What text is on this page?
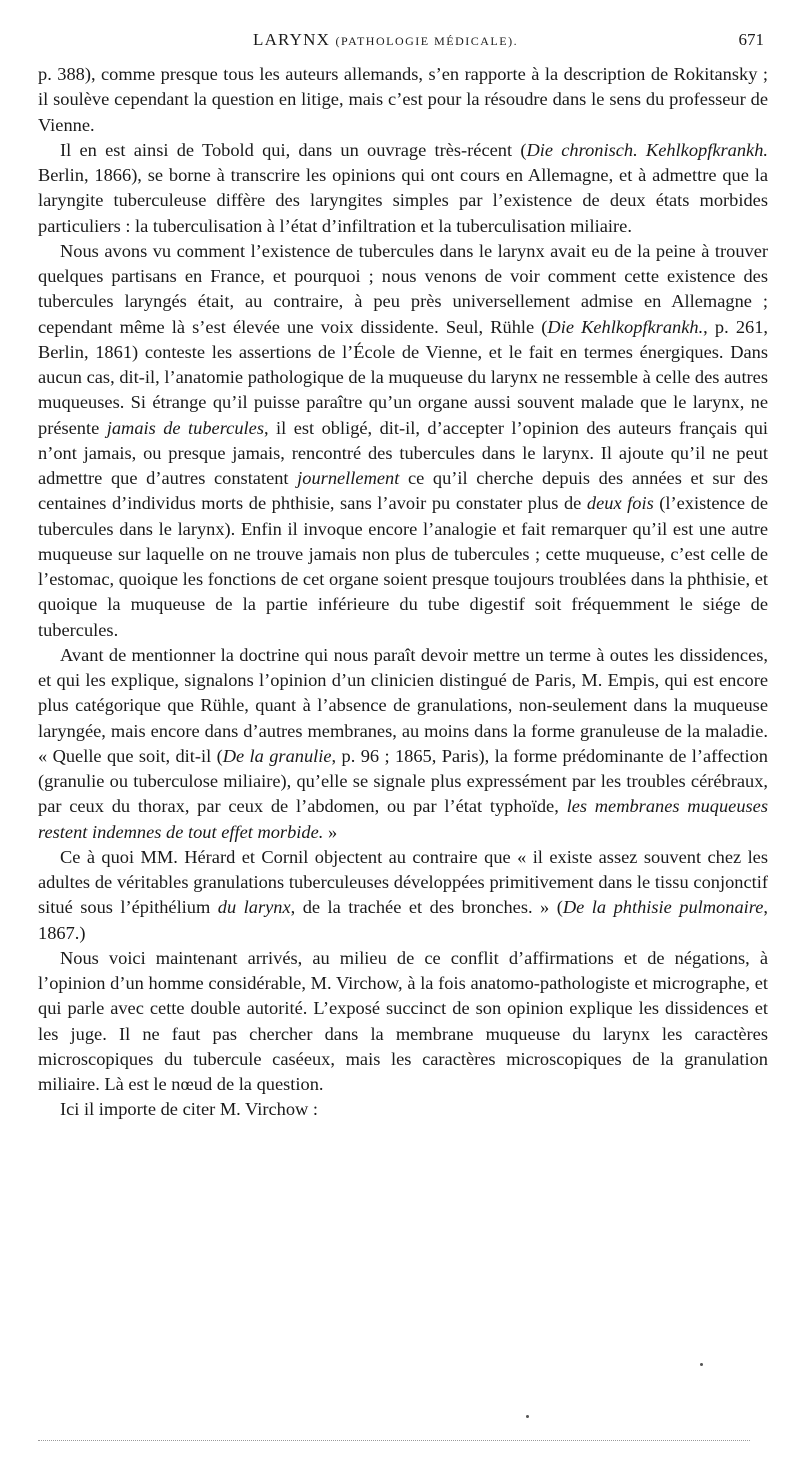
LARYNX (PATHOLOGIE MÉDICALE).	671

p. 388), comme presque tous les auteurs allemands, s’en rapporte à la description de Rokitansky ; il soulève cependant la question en litige, mais c’est pour la résoudre dans le sens du professeur de Vienne.

Il en est ainsi de Tobold qui, dans un ouvrage très-récent (Die chronisch. Kehlkopfkrankh. Berlin, 1866), se borne à transcrire les opinions qui ont cours en Allemagne, et à admettre que la laryngite tuberculeuse diffère des laryngites simples par l’existence de deux états morbides particuliers : la tuberculisation à l’état d’infiltration et la tuberculisation miliaire.

Nous avons vu comment l’existence de tubercules dans le larynx avait eu de la peine à trouver quelques partisans en France, et pourquoi ; nous venons de voir comment cette existence des tubercules laryngés était, au contraire, à peu près universellement admise en Allemagne ; cependant même là s’est élevée une voix dissidente. Seul, Rühle (Die Kehlkopfkrankh., p. 261, Berlin, 1861) conteste les assertions de l’École de Vienne, et le fait en termes énergiques. Dans aucun cas, dit-il, l’anatomie pathologique de la muqueuse du larynx ne ressemble à celle des autres muqueuses. Si étrange qu’il puisse paraître qu’un organe aussi souvent malade que le larynx, ne présente jamais de tubercules, il est obligé, dit-il, d’accepter l’opinion des auteurs français qui n’ont jamais, ou presque jamais, rencontré des tubercules dans le larynx. Il ajoute qu’il ne peut admettre que d’autres constatent journellement ce qu’il cherche depuis des années et sur des centaines d’individus morts de phthisie, sans l’avoir pu constater plus de deux fois (l’existence de tubercules dans le larynx). Enfin il invoque encore l’analogie et fait remarquer qu’il est une autre muqueuse sur laquelle on ne trouve jamais non plus de tubercules ; cette muqueuse, c’est celle de l’estomac, quoique les fonctions de cet organe soient presque toujours troublées dans la phthisie, et quoique la muqueuse de la partie inférieure du tube digestif soit fréquemment le siége de tubercules.

Avant de mentionner la doctrine qui nous paraît devoir mettre un terme à outes les dissidences, et qui les explique, signalons l’opinion d’un clinicien distingué de Paris, M. Empis, qui est encore plus catégorique que Rühle, quant à l’absence de granulations, non-seulement dans la muqueuse laryngée, mais encore dans d’autres membranes, au moins dans la forme granuleuse de la maladie. « Quelle que soit, dit-il (De la granulie, p. 96 ; 1865, Paris), la forme prédominante de l’affection (granulie ou tuberculose miliaire), qu’elle se signale plus expressément par les troubles cérébraux, par ceux du thorax, par ceux de l’abdomen, ou par l’état typhoïde, les membranes muqueuses restent indemnes de tout effet morbide. »

Ce à quoi MM. Hérard et Cornil objectent au contraire que « il existe assez souvent chez les adultes de véritables granulations tuberculeuses développées primitivement dans le tissu conjonctif situé sous l’épithélium du larynx, de la trachée et des bronches. » (De la phthisie pulmonaire, 1867.)

Nous voici maintenant arrivés, au milieu de ce conflit d’affirmations et de négations, à l’opinion d’un homme considérable, M. Virchow, à la fois anatomo-pathologiste et micrographe, et qui parle avec cette double autorité. L’exposé succinct de son opinion explique les dissidences et les juge. Il ne faut pas chercher dans la membrane muqueuse du larynx les caractères microscopiques du tubercule caséeux, mais les caractères microscopiques de la granulation miliaire. Là est le nœud de la question.

Ici il importe de citer M. Virchow :
